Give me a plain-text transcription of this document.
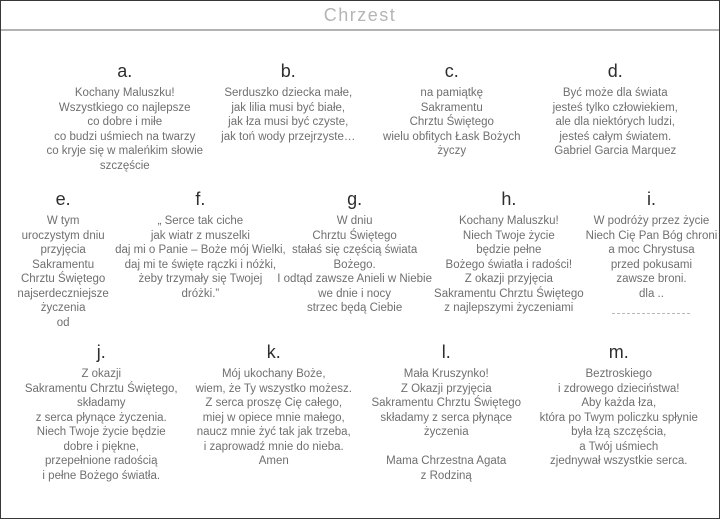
Chrzest
a.
Kochany Maluszku!
Wszystkiego co najlepsze
co dobre i miłe
co budzi uśmiech na twarzy
co kryje się w maleńkim słowie
szczęście
b.
Serduszko dziecka małe,
jak lilia musi być białe,
jak łza musi być czyste,
jak toń wody przejrzyste…
c.
na pamiątkę
Sakramentu
Chrztu Świętego
wielu obfitych Łask Bożych
życzy
d.
Być może dla świata
jesteś tylko człowiekiem,
ale dla niektórych ludzi,
jesteś całym światem.
Gabriel Garcia Marquez
e.
W tym
uroczystym dniu
przyjęcia
Sakramentu
Chrztu Świętego
najserdeczniejsze
życzenia
od
f.
„ Serce tak ciche
jak wiatr z muszelki
daj mi o Panie – Boże mój Wielki,
daj mi te święte rączki i nóżki,
żeby trzymały się Twojej
dróżki.”
g.
W dniu
Chrztu Świętego
stałaś się częścią świata
Bożego.
I odtąd zawsze Anieli w Niebie
we dnie i nocy
strzec będą Ciebie
h.
Kochany Maluszku!
Niech Twoje życie
będzie pełne
Bożego światła i radości!
Z okazji przyjęcia
Sakramentu Chrztu Świętego
z najlepszymi życzeniami
i.
W podróży przez życie
Niech Cię Pan Bóg chroni
a moc Chrystusa
przed pokusami
zawsze broni.
dla ..
j.
Z okazji
Sakramentu Chrztu Świętego,
składamy
z serca płynące życzenia.
Niech Twoje życie będzie
dobre i piękne,
przepełnione radością
i pełne Bożego światła.
k.
Mój ukochany Boże,
wiem, że Ty wszystko możesz.
Z serca proszę Cię całego,
miej w opiece mnie małego,
naucz mnie żyć tak jak trzeba,
i zaprowadź mnie do nieba.
Amen
l.
Mała Kruszynko!
Z Okazji przyjęcia
Sakramentu Chrztu Świętego
składamy z serca płynące
życzenia
Mama Chrzestna Agata
z Rodziną
m.
Beztroskiego
i zdrowego dzieciństwa!
Aby każda łza,
która po Twym policzku spłynie
była łzą szczęścia,
a Twój uśmiech
zjednywał wszystkie serca.
